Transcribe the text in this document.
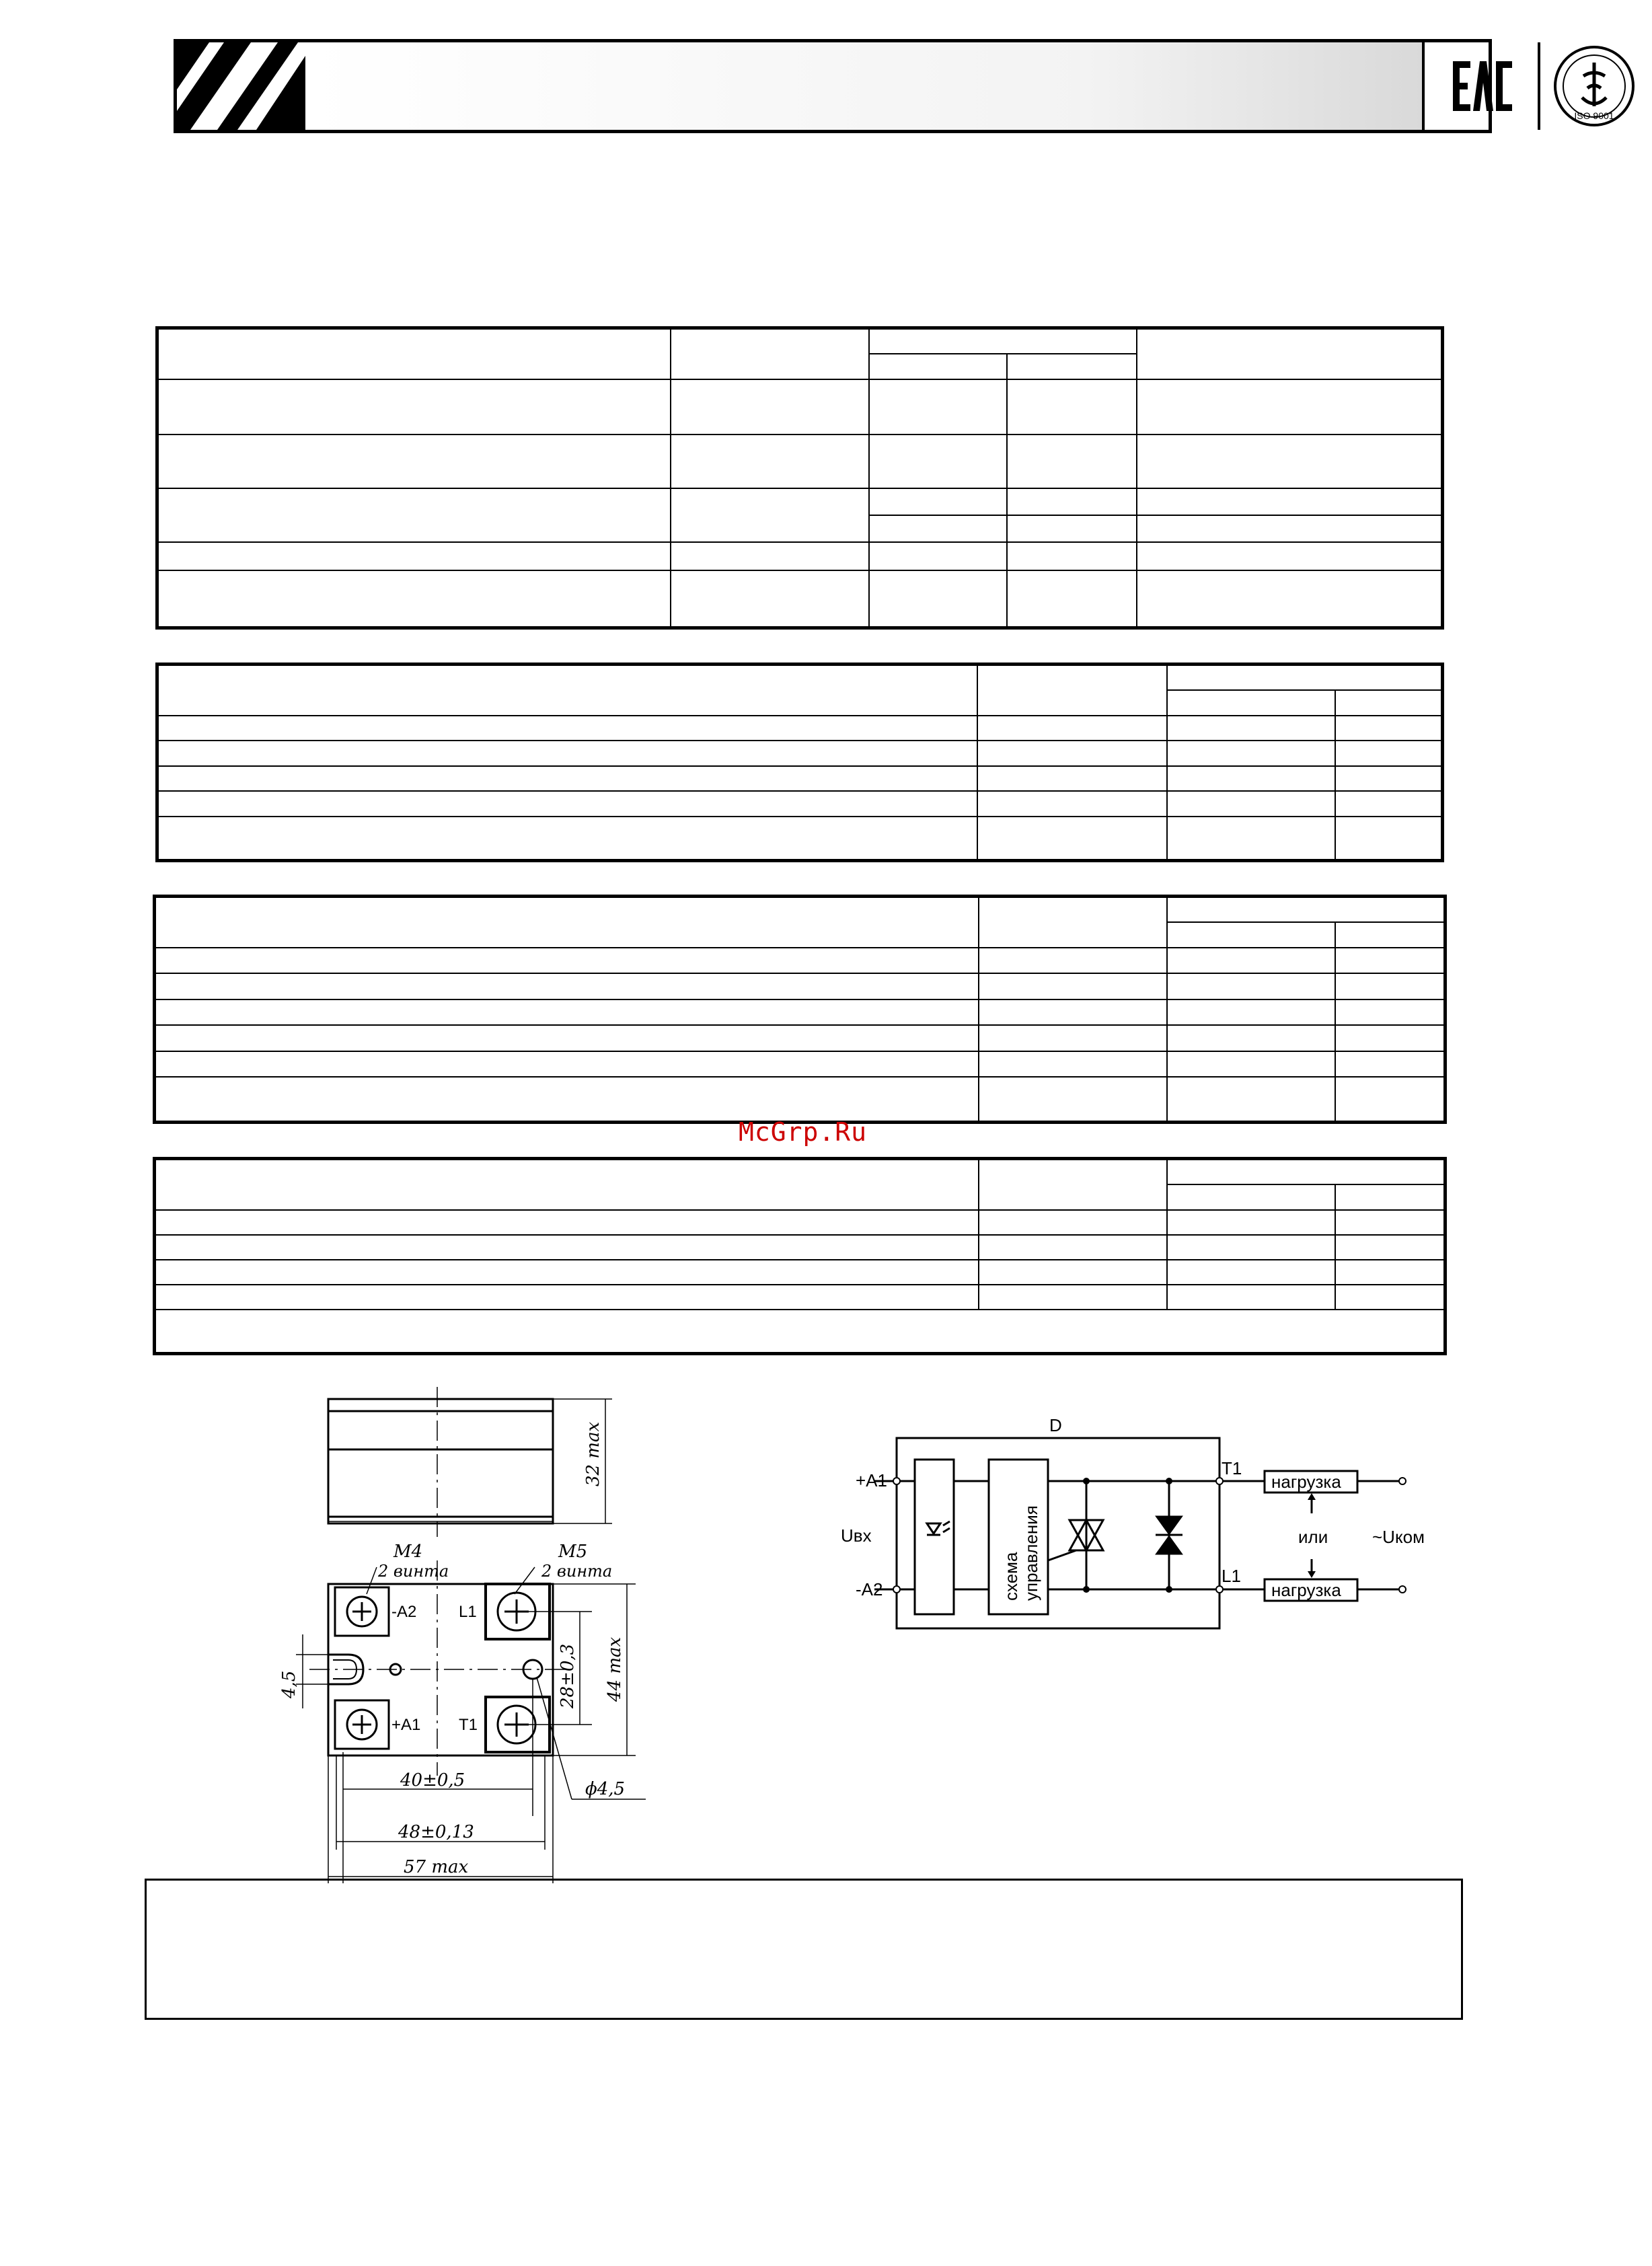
ISO 9001

McGrp.Ru

32 max
M4	M5
2 винта	2 винта
-A2	L1
+A1 T1
28±0,3 44 max
4,5
40±0,5
48±0,13
57 max
ϕ4,5
D
+A1
-A2
Uвх
схема управления
T1
L1
нагрузка
нагрузка
или	~Uком
